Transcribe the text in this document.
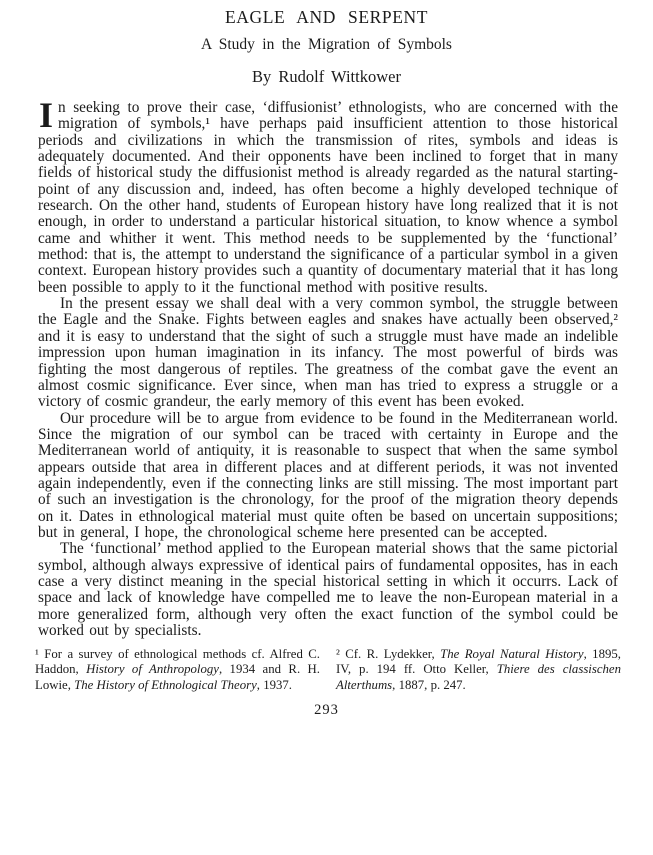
EAGLE AND SERPENT
A Study in the Migration of Symbols
By Rudolf Wittkower

In seeking to prove their case, ‘diffusionist’ ethnologists, who are concerned with the migration of symbols,¹ have perhaps paid insufficient attention to those historical periods and civilizations in which the transmission of rites, symbols and ideas is adequately documented. And their opponents have been inclined to forget that in many fields of historical study the diffusionist method is already regarded as the natural starting-point of any discussion and, indeed, has often become a highly developed technique of research. On the other hand, students of European history have long realized that it is not enough, in order to understand a particular historical situation, to know whence a symbol came and whither it went. This method needs to be supplemented by the ‘functional’ method: that is, the attempt to understand the significance of a particular symbol in a given context. European history provides such a quantity of documentary material that it has long been possible to apply to it the functional method with positive results.

In the present essay we shall deal with a very common symbol, the struggle between the Eagle and the Snake. Fights between eagles and snakes have actually been observed,² and it is easy to understand that the sight of such a struggle must have made an indelible impression upon human imagination in its infancy. The most powerful of birds was fighting the most dangerous of reptiles. The greatness of the combat gave the event an almost cosmic significance. Ever since, when man has tried to express a struggle or a victory of cosmic grandeur, the early memory of this event has been evoked.

Our procedure will be to argue from evidence to be found in the Mediterranean world. Since the migration of our symbol can be traced with certainty in Europe and the Mediterranean world of antiquity, it is reasonable to suspect that when the same symbol appears outside that area in different places and at different periods, it was not invented again independently, even if the connecting links are still missing. The most important part of such an investigation is the chronology, for the proof of the migration theory depends on it. Dates in ethnological material must quite often be based on uncertain suppositions; but in general, I hope, the chronological scheme here presented can be accepted.

The ‘functional’ method applied to the European material shows that the same pictorial symbol, although always expressive of identical pairs of fundamental opposites, has in each case a very distinct meaning in the special historical setting in which it occurrs. Lack of space and lack of knowledge have compelled me to leave the non-European material in a more generalized form, although very often the exact function of the symbol could be worked out by specialists.

¹ For a survey of ethnological methods cf. Alfred C. Haddon, History of Anthropology, 1934 and R. H. Lowie, The History of Ethnological Theory, 1937.
² Cf. R. Lydekker, The Royal Natural History, 1895, IV, p. 194 ff. Otto Keller, Thiere des classischen Alterthums, 1887, p. 247.
293
